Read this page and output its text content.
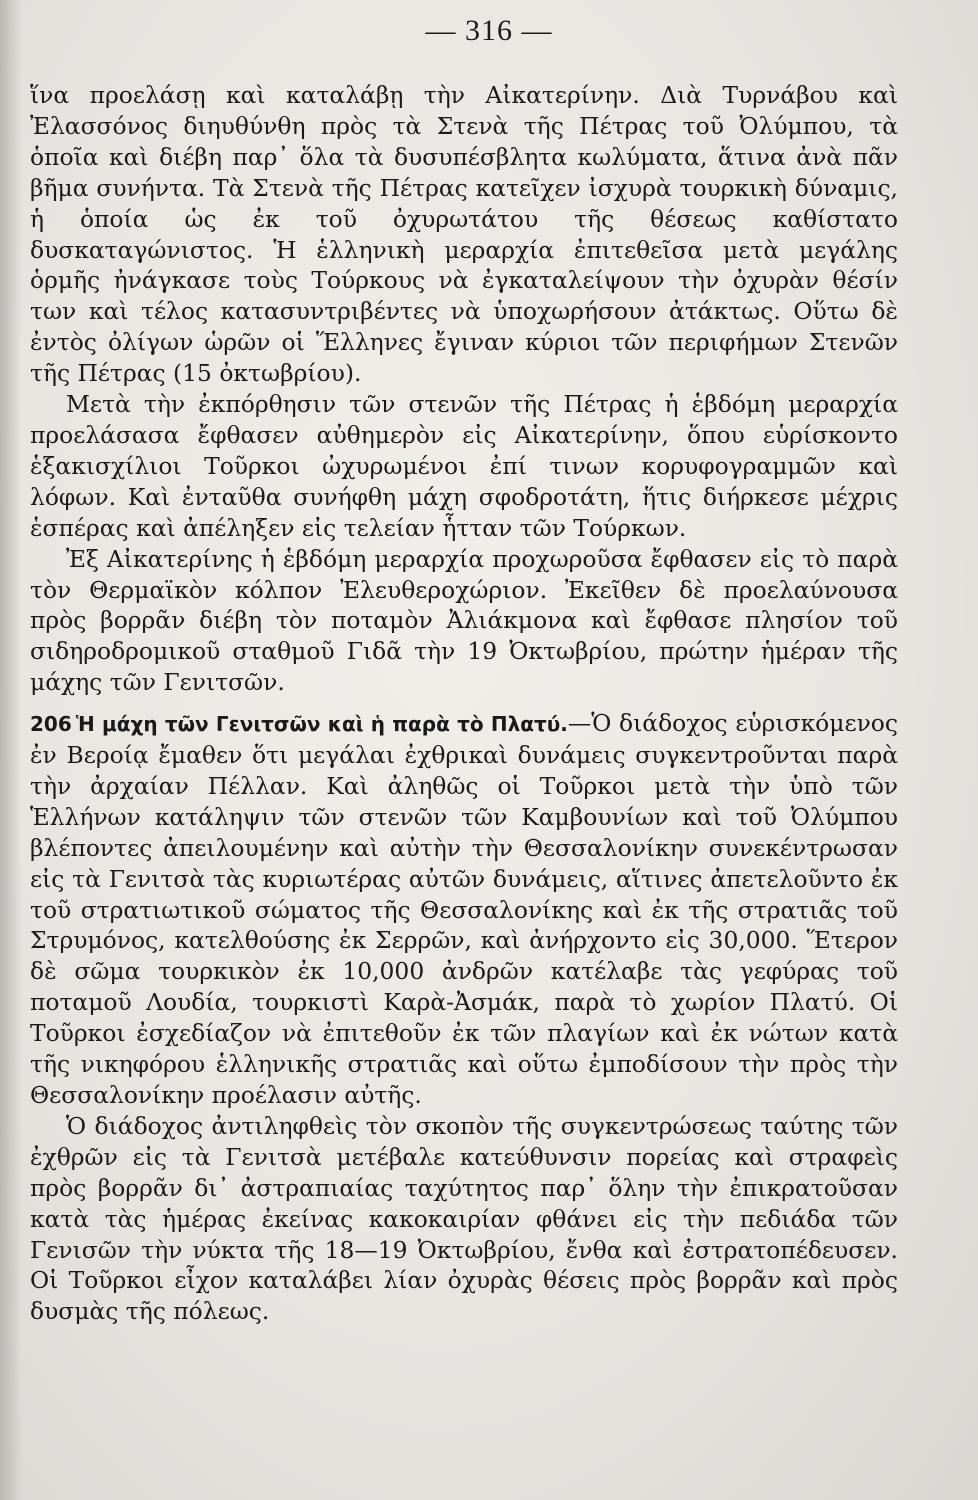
— 316 —

ἵνα προελάσῃ καὶ καταλάβῃ τὴν Αἰκατερίνην. Διὰ Τυρνάβου καὶ Ἐλασσόνος διηυθύνθη πρὸς τὰ Στενὰ τῆς Πέτρας τοῦ Ὀλύμπου, τὰ ὁποῖα καὶ διέβη παρ᾽ ὅλα τὰ δυσυπέσβλητα κωλύματα, ἅτινα ἀνὰ πᾶν βῆμα συνήντα. Τὰ Στενὰ τῆς Πέτρας κατεῖχεν ἰσχυρὰ τουρκικὴ δύναμις, ἡ ὁποία ὡς ἐκ τοῦ ὀχυρωτάτου τῆς θέσεως καθίστατο δυσκαταγώνιστος. Ἡ ἑλληνικὴ μεραρχία ἐπιτεθεῖσα μετὰ μεγάλης ὁρμῆς ἠνάγκασε τοὺς Τούρκους νὰ ἐγκαταλείψουν τὴν ὀχυρὰν θέσίν των καὶ τέλος κατασυντριβέντες νὰ ὑποχωρήσουν ἀτάκτως. Οὕτω δὲ ἐντὸς ὀλίγων ὡρῶν οἱ Ἕλληνες ἔγιναν κύριοι τῶν περιφήμων Στενῶν τῆς Πέτρας (15 ὀκτωβρίου).

Μετὰ τὴν ἐκπόρθησιν τῶν στενῶν τῆς Πέτρας ἡ ἑβδόμη μεραρχία προελάσασα ἔφθασεν αὐθημερὸν εἰς Αἰκατερίνην, ὅπου εὑρίσκοντο ἑξακισχίλιοι Τοῦρκοι ὠχυρωμένοι ἐπί τινων κορυφογραμμῶν καὶ λόφων. Καὶ ἐνταῦθα συνήφθη μάχη σφοδροτάτη, ἥτις διήρκεσε μέχρις ἑσπέρας καὶ ἀπέληξεν εἰς τελείαν ἧτταν τῶν Τούρκων.

Ἐξ Αἰκατερίνης ἡ ἑβδόμη μεραρχία προχωροῦσα ἔφθασεν εἰς τὸ παρὰ τὸν Θερμαϊκὸν κόλπον Ἐλευθεροχώριον. Ἐκεῖθεν δὲ προελαύνουσα πρὸς βορρᾶν διέβη τὸν ποταμὸν Ἀλιάκμονα καὶ ἔφθασε πλησίον τοῦ σιδηροδρομικοῦ σταθμοῦ Γιδᾶ τὴν 19 Ὀκτωβρίου, πρώτην ἡμέραν τῆς μάχης τῶν Γενιτσῶν.

206 Ἡ μάχη τῶν Γενιτσῶν καὶ ἡ παρὰ τὸ Πλατύ.—Ὁ διάδοχος εὑρισκόμενος ἐν Βεροίᾳ ἔμαθεν ὅτι μεγάλαι ἐχθρικαὶ δυνάμεις συγκεντροῦνται παρὰ τὴν ἀρχαίαν Πέλλαν. Καὶ ἀληθῶς οἱ Τοῦρκοι μετὰ τὴν ὑπὸ τῶν Ἑλλήνων κατάληψιν τῶν στενῶν τῶν Καμβουνίων καὶ τοῦ Ὀλύμπου βλέποντες ἀπειλουμένην καὶ αὐτὴν τὴν Θεσσαλονίκην συνεκέντρωσαν εἰς τὰ Γενιτσὰ τὰς κυριωτέρας αὐτῶν δυνάμεις, αἵτινες ἀπετελοῦντο ἐκ τοῦ στρατιωτικοῦ σώματος τῆς Θεσσαλονίκης καὶ ἐκ τῆς στρατιᾶς τοῦ Στρυμόνος, κατελθούσης ἐκ Σερρῶν, καὶ ἀνήρχοντο εἰς 30,000. Ἕτερον δὲ σῶμα τουρκικὸν ἐκ 10,000 ἀνδρῶν κατέλαβε τὰς γεφύρας τοῦ ποταμοῦ Λουδία, τουρκιστὶ Καρὰ-Ἀσμάκ, παρὰ τὸ χωρίον Πλατύ. Οἱ Τοῦρκοι ἐσχεδίαζον νὰ ἐπιτεθοῦν ἐκ τῶν πλαγίων καὶ ἐκ νώτων κατὰ τῆς νικηφόρου ἑλληνικῆς στρατιᾶς καὶ οὕτω ἐμποδίσουν τὴν πρὸς τὴν Θεσσαλονίκην προέλασιν αὐτῆς.

Ὁ διάδοχος ἀντιληφθεὶς τὸν σκοπὸν τῆς συγκεντρώσεως ταύτης τῶν ἐχθρῶν εἰς τὰ Γενιτσὰ μετέβαλε κατεύθυνσιν πορείας καὶ στραφεὶς πρὸς βορρᾶν δι᾽ ἀστραπιαίας ταχύτητος παρ᾽ ὅλην τὴν ἐπικρατοῦσαν κατὰ τὰς ἡμέρας ἐκείνας κακοκαιρίαν φθάνει εἰς τὴν πεδιάδα τῶν Γενισῶν τὴν νύκτα τῆς 18—19 Ὀκτωβρίου, ἔνθα καὶ ἐστρατοπέδευσεν. Οἱ Τοῦρκοι εἶχον καταλάβει λίαν ὀχυρὰς θέσεις πρὸς βορρᾶν καὶ πρὸς δυσμὰς τῆς πόλεως.
